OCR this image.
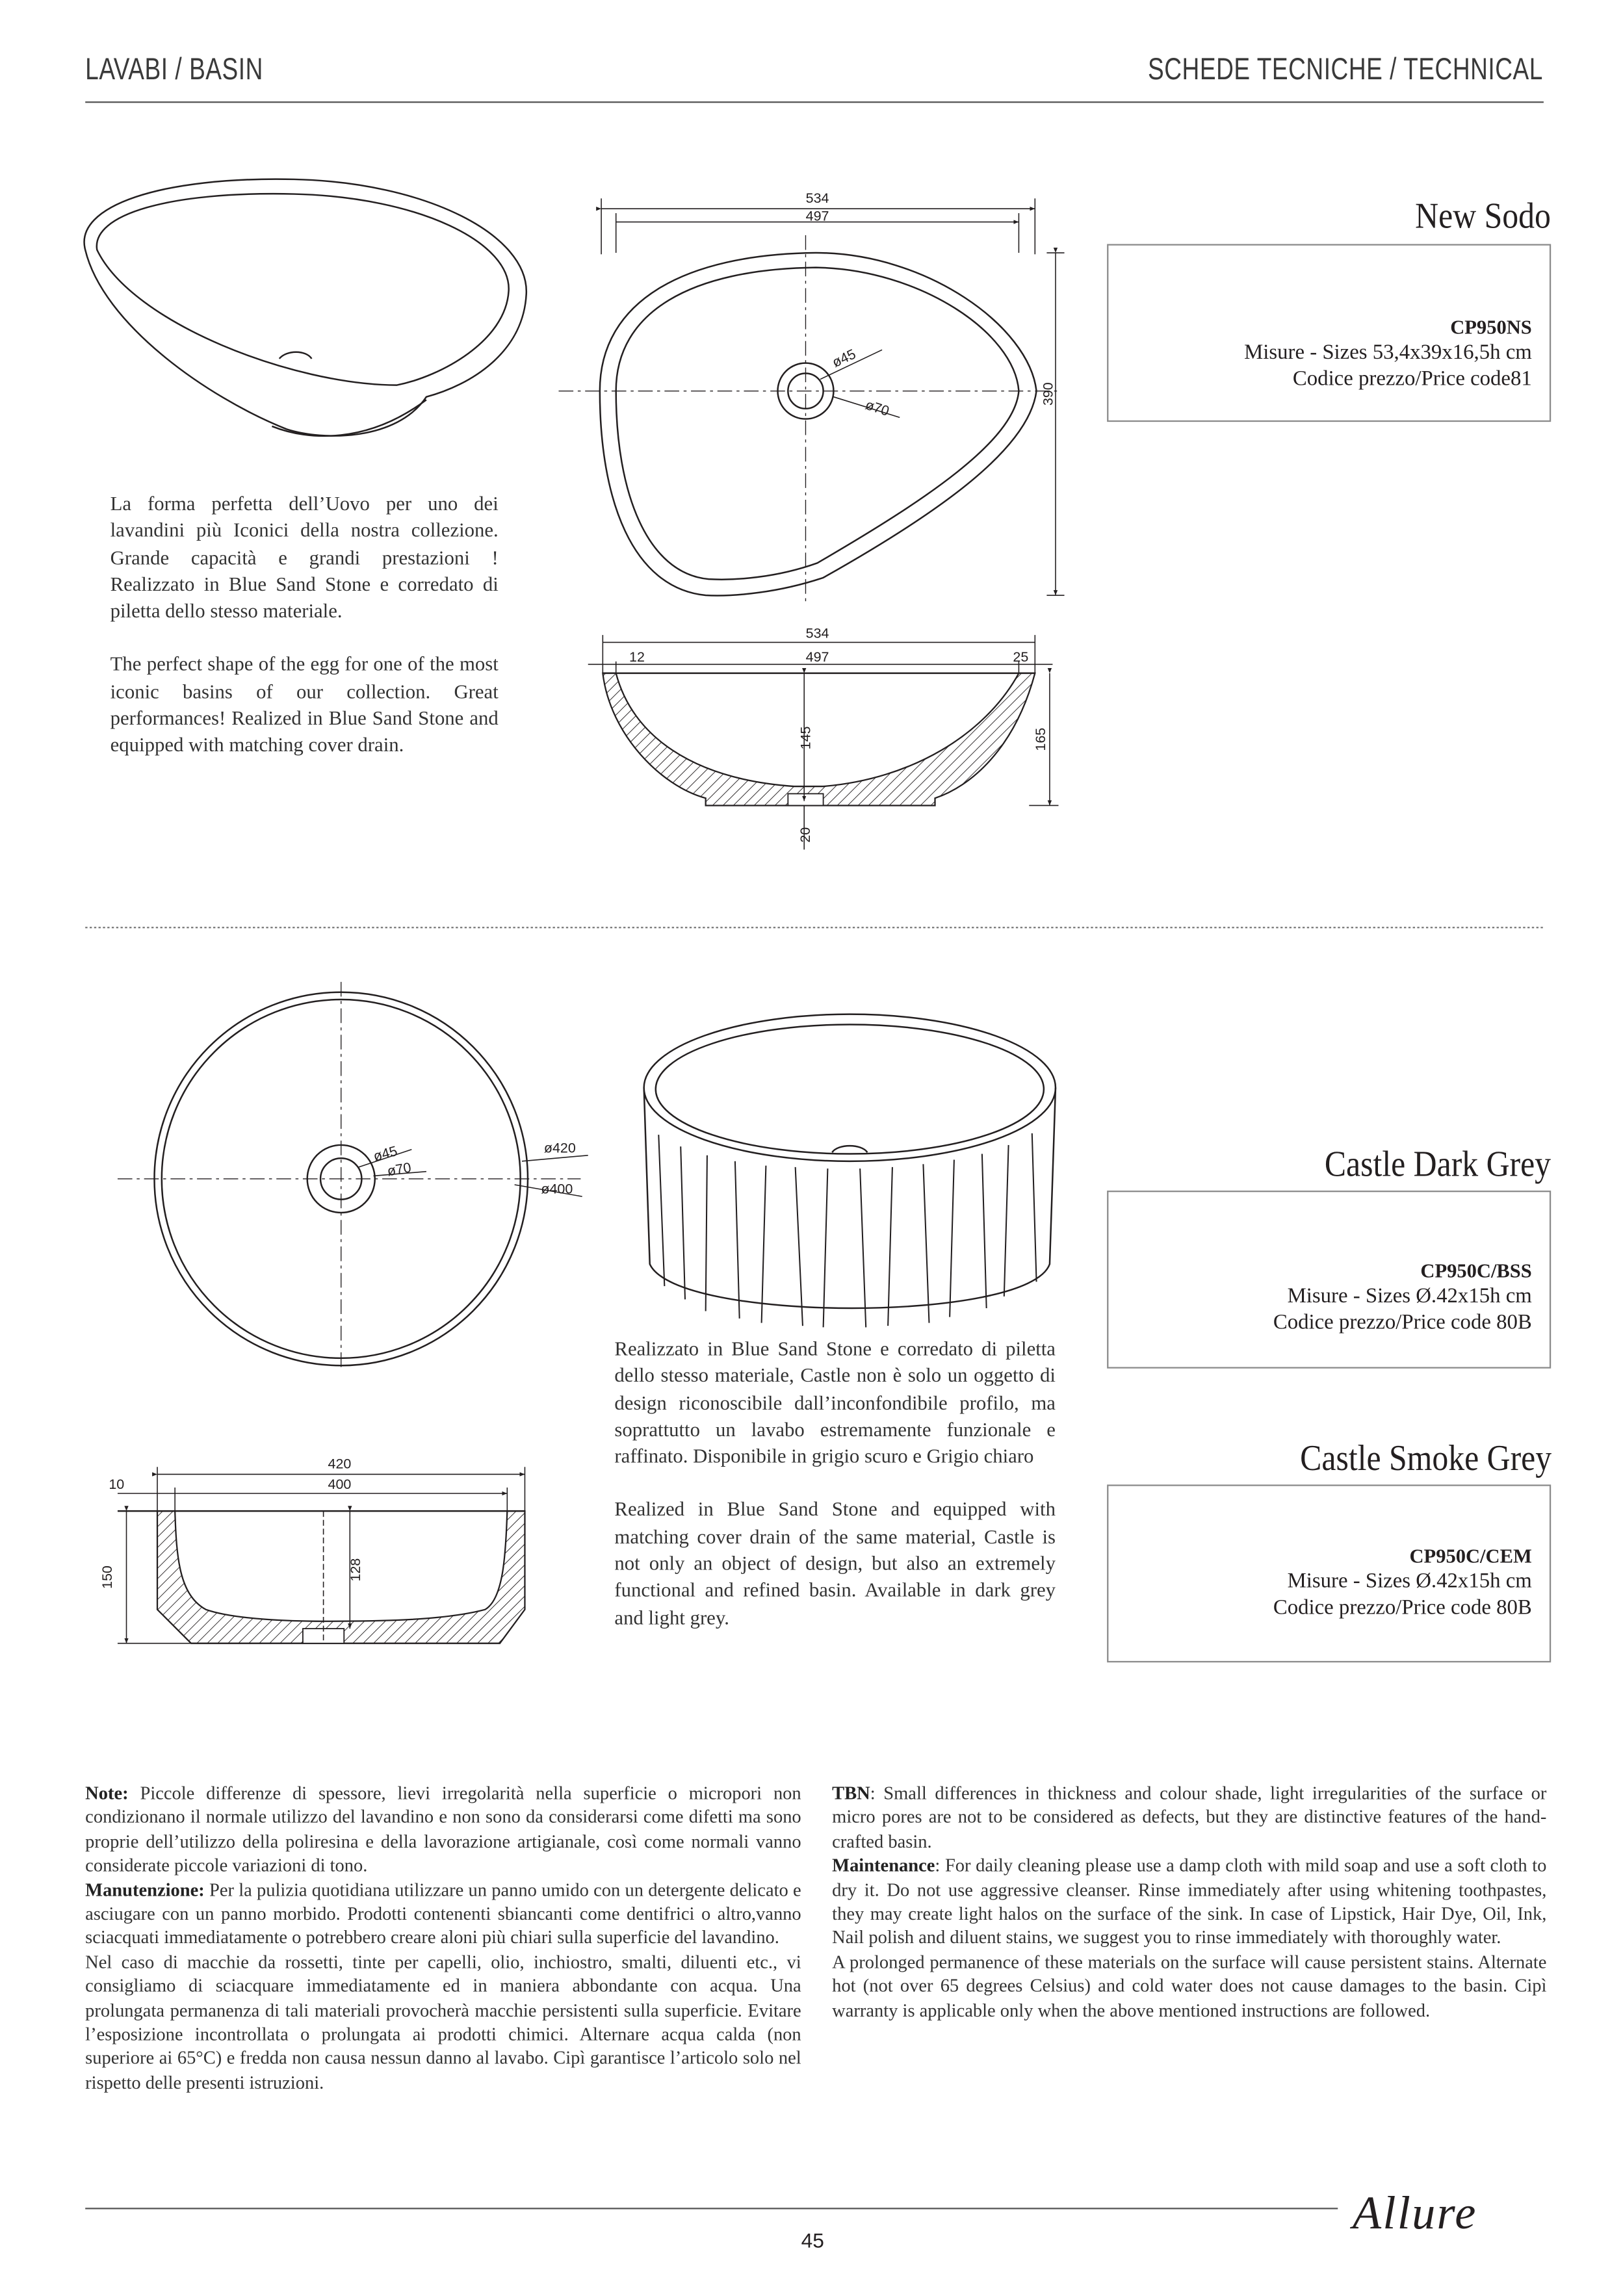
LAVABI / BASIN	SCHEDE TECNICHE / TECHNICAL
534
497
ø45
ø70
390
534
497
12	25
145
20
165
ø45
ø70
ø420
ø400
420
400
10
150	128
New Sodo
CP950NS
Misure - Sizes 53,4x39x16,5h cm
Codice prezzo/Price code81

La forma perfetta dell’Uovo per uno dei lavandini più Iconici della nostra collezione. Grande capacità e grandi prestazioni ! Realizzato in Blue Sand Stone e corredato di piletta dello stesso materiale.

The perfect shape of the egg for one of the most iconic basins of our collection. Great performances! Realized in Blue Sand Stone and equipped with matching cover drain.

Castle Dark Grey
CP950C/BSS
Misure - Sizes Ø.42x15h cm
Codice prezzo/Price code 80B
Castle Smoke Grey
CP950C/CEM
Misure - Sizes Ø.42x15h cm
Codice prezzo/Price code 80B

Realizzato in Blue Sand Stone e corredato di piletta dello stesso materiale, Castle non è solo un oggetto di design riconoscibile dall’inconfondibile profilo, ma soprattutto un lavabo estremamente funzionale e raffinato. Disponibile in grigio scuro e Grigio chiaro

Realized in Blue Sand Stone and equipped with matching cover drain of the same material, Castle is not only an object of design, but also an extremely functional and refined basin. Available in dark grey and light grey.

Note: Piccole differenze di spessore, lievi irregolarità nella superficie o micropori non condizionano il normale utilizzo del lavandino e non sono da considerarsi come difetti ma sono proprie dell’utilizzo della poliresina e della lavorazione artigianale, così come normali vanno considerate piccole variazioni di tono.

Manutenzione: Per la pulizia quotidiana utilizzare un panno umido con un detergente delicato e asciugare con un panno morbido. Prodotti contenenti sbiancanti come dentifrici o altro,vanno sciacquati immediatamente o potrebbero creare aloni più chiari sulla superficie del lavandino.

Nel caso di macchie da rossetti, tinte per capelli, olio, inchiostro, smalti, diluenti etc., vi consigliamo di sciacquare immediatamente ed in maniera abbondante con acqua. Una prolungata permanenza di tali materiali provocherà macchie persistenti sulla superficie. Evitare l’esposizione incontrollata o prolungata ai prodotti chimici. Alternare acqua calda (non superiore ai 65°C) e fredda non causa nessun danno al lavabo. Cipì garantisce l’articolo solo nel rispetto delle presenti istruzioni.

TBN: Small differences in thickness and colour shade, light irregularities of the surface or micro pores are not to be considered as defects, but they are distinctive features of the hand-crafted basin.

Maintenance: For daily cleaning please use a damp cloth with mild soap and use a soft cloth to dry it. Do not use aggressive cleanser. Rinse immediately after using whitening toothpastes, they may create light halos on the surface of the sink. In case of Lipstick, Hair Dye, Oil, Ink, Nail polish and diluent stains, we suggest you to rinse immediately with thoroughly water.

A prolonged permanence of these materials on the surface will cause persistent stains. Alternate hot (not over 65 degrees Celsius) and cold water does not cause damages to the basin. Cipì warranty is applicable only when the above mentioned instructions are followed.

Allure
45
